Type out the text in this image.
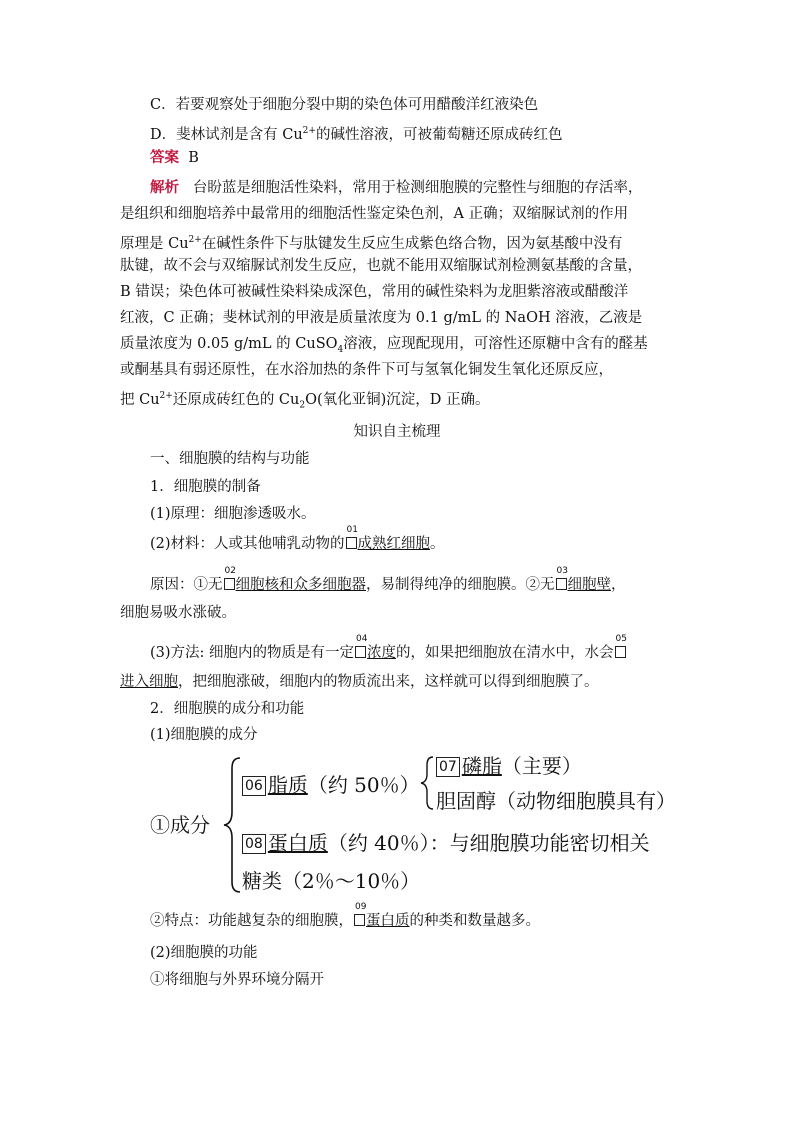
C．若要观察处于细胞分裂中期的染色体可用醋酸洋红液染色
D．斐林试剂是含有 $Cu^{2+}$的碱性溶液，可被葡萄糖还原成砖红色
答案 B
解析 台盼蓝是细胞活性染料，常用于检测细胞膜的完整性与细胞的存活率，
是组织和细胞培养中最常用的细胞活性鉴定染色剂，A 正确；双缩脲试剂的作用
原理是 $Cu^{2+}$在碱性条件下与肽键发生反应生成紫色络合物，因为氨基酸中没有
肽键，故不会与双缩脲试剂发生反应，也就不能用双缩脲试剂检测氨基酸的含量，
B 错误；染色体可被碱性染料染成深色，常用的碱性染料为龙胆紫溶液或醋酸洋
红液，C 正确；斐林试剂的甲液是质量浓度为 0.1 g/mL 的 NaOH 溶液，乙液是
质量浓度为 0.05 g/mL 的 CuSO$_4$溶液，应现配现用，可溶性还原糖中含有的醛基
或酮基具有弱还原性，在水浴加热的条件下可与氢氧化铜发生氧化还原反应，
把 $Cu^{2+}$还原成砖红色的 $Cu_2O$(氧化亚铜)沉淀，D 正确。
知识自主梳理
一、细胞膜的结构与功能
1．细胞膜的制备
(1)原理：细胞渗透吸水。
(2)材料：人或其他哺乳动物的
01
成熟红细胞。
原因：①无
02
细胞核和众多细胞器，易制得纯净的细胞膜。②无
03
细胞壁，
细胞易吸水涨破。
(3)方法: 细胞内的物质是有一定
04
浓度的，如果把细胞放在清水中，水会
05
进入细胞，把细胞涨破，细胞内的物质流出来，这样就可以得到细胞膜了。
2．细胞膜的成分和功能
(1)细胞膜的成分
①成分
06 脂质（约 50％）
07 磷脂（主要）
胆固醇（动物细胞膜具有）
08 蛋白质（约 40％）：与细胞膜功能密切相关
糖类（2％～10％）
②特点：功能越复杂的细胞膜，
09
蛋白质的种类和数量越多。
(2)细胞膜的功能
①将细胞与外界环境分隔开
